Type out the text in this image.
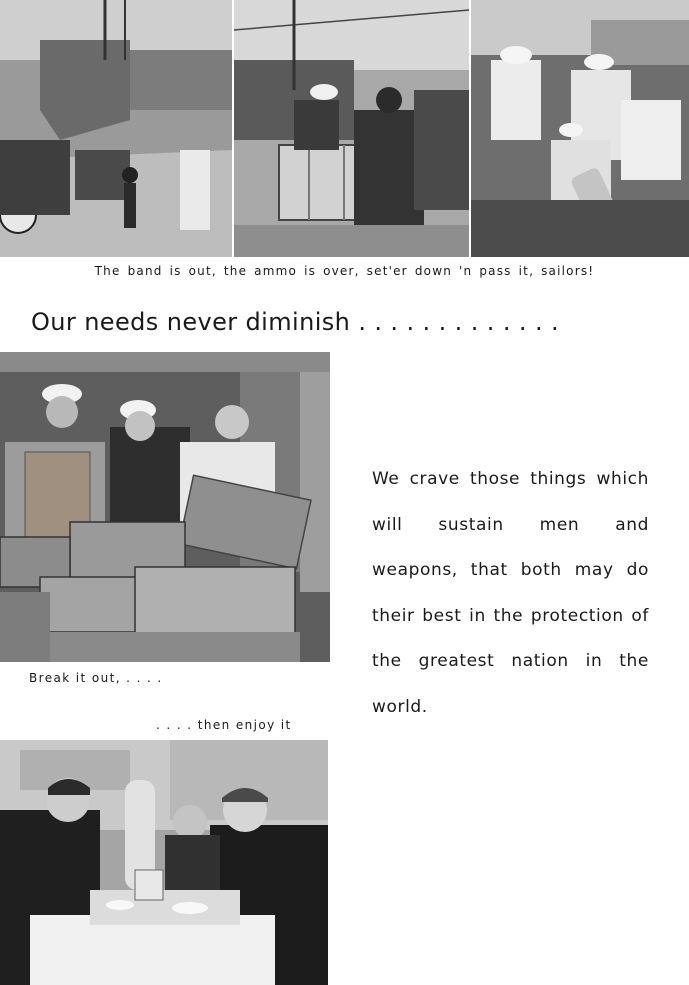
The band is out, the ammo is over, set'er down 'n pass it, sailors!
Our needs never diminish . . . . . . . . . . . . .

We crave those things which will sustain men and weapons, that both may do their best in the protection of the greatest nation in the world.

Break it out, . . . .
. . . . then enjoy it
